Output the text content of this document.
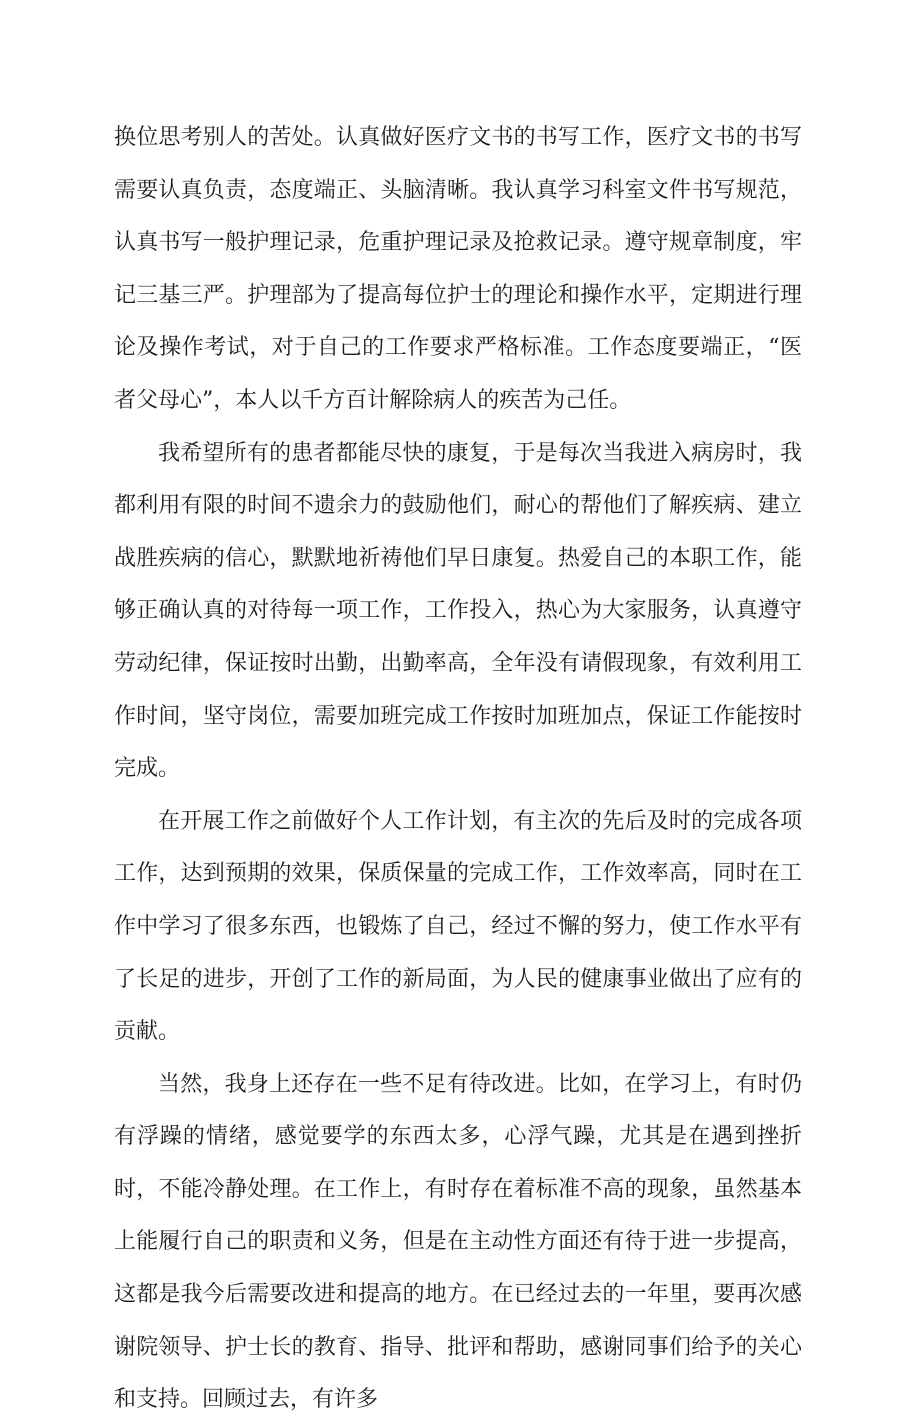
换位思考别人的苦处。认真做好医疗文书的书写工作，医疗文书的书写需要认真负责，态度端正、头脑清晰。我认真学习科室文件书写规范，认真书写一般护理记录，危重护理记录及抢救记录。遵守规章制度，牢记三基三严。护理部为了提高每位护士的理论和操作水平，定期进行理论及操作考试，对于自己的工作要求严格标准。工作态度要端正，“医者父母心”，本人以千方百计解除病人的疾苦为己任。

我希望所有的患者都能尽快的康复，于是每次当我进入病房时，我都利用有限的时间不遗余力的鼓励他们，耐心的帮他们了解疾病、建立战胜疾病的信心，默默地祈祷他们早日康复。热爱自己的本职工作，能够正确认真的对待每一项工作，工作投入，热心为大家服务，认真遵守劳动纪律，保证按时出勤，出勤率高，全年没有请假现象，有效利用工作时间，坚守岗位，需要加班完成工作按时加班加点，保证工作能按时完成。

在开展工作之前做好个人工作计划，有主次的先后及时的完成各项工作，达到预期的效果，保质保量的完成工作，工作效率高，同时在工作中学习了很多东西，也锻炼了自己，经过不懈的努力，使工作水平有了长足的进步，开创了工作的新局面，为人民的健康事业做出了应有的贡献。

当然，我身上还存在一些不足有待改进。比如，在学习上，有时仍有浮躁的情绪，感觉要学的东西太多，心浮气躁，尤其是在遇到挫折时，不能冷静处理。在工作上，有时存在着标准不高的现象，虽然基本上能履行自己的职责和义务，但是在主动性方面还有待于进一步提高，这都是我今后需要改进和提高的地方。在已经过去的一年里，要再次感谢院领导、护士长的教育、指导、批评和帮助，感谢同事们给予的关心和支持。回顾过去，有许多
